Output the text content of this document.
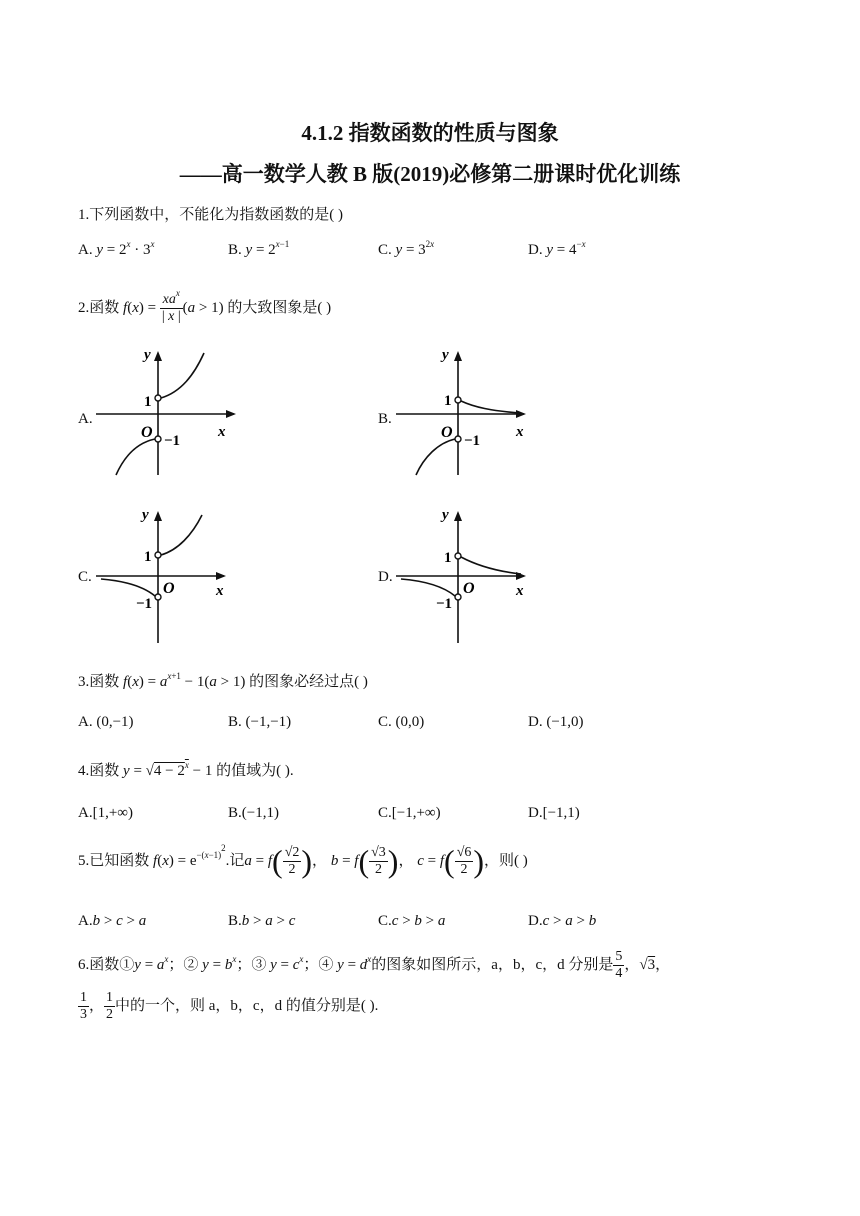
4.1.2 指数函数的性质与图象
——高一数学人教 B 版(2019)必修第二册课时优化训练
1.下列函数中，不能化为指数函数的是( )
A. $y = 2^x \cdot 3^x$	B. $y = 2^{x-1}$	C. $y = 3^{2x}$	D. $y = 4^{-x}$
2.函数 $f(x) = \frac{xa^x}{| x |} (a > 1)$ 的大致图象是( )
A.
1
−1
O
y
x
B.
1
−1
O
y
x
C.
1
−1
O
y
x
D.
1
−1
O
y
x
3.函数 $f(x) = a^{x+1} - 1(a > 1)$ 的图象必经过点( )
A. (0,−1)	B. (−1,−1)	C. (0,0)	D. (−1,0)
4.函数 $y = √4 - 2^x - 1$ 的值域为( ).
A.[1,+∞)	B.(−1,1)	C.[−1,+∞)	D.[−1,1)
5.已知函数 $f(x) = e^{-(x-1)^2}$.记$a = f( \frac{√2}{2}$ )， $b = f( \frac{√3}{2}$ )， $c = f( \frac{√6}{2}$ )，则( )
A.b > c > a	B.b > a > c	C.c > b > a	D.c > a > b
6.函数①y = $a^x$；② $y = b^x$；③ $y = c^x$；④ $y = d^x$的图象如图所示，a，b，c，d 分别是 $\frac{5}{4}$ ，√3，
$\frac{1}{3}$ ， $\frac{1}{2}$ 中的一个，则 a，b，c，d 的值分别是( ).
